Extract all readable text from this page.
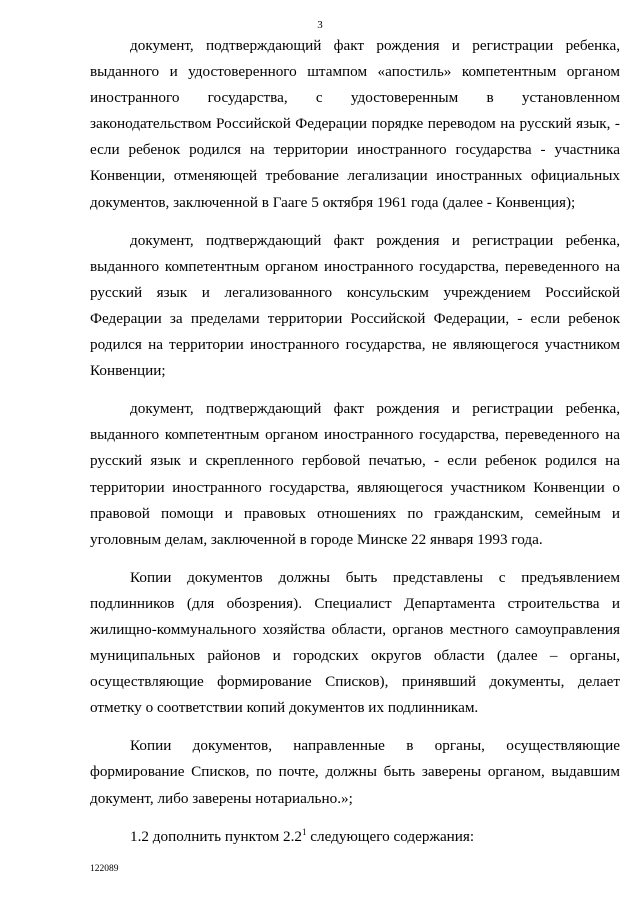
3

документ, подтверждающий факт рождения и регистрации ребенка, выданного и удостоверенного штампом «апостиль» компетентным органом иностранного государства, с удостоверенным в установленном законодательством Российской Федерации порядке переводом на русский язык, - если ребенок родился на территории иностранного государства - участника Конвенции, отменяющей требование легализации иностранных официальных документов, заключенной в Гааге 5 октября 1961 года (далее - Конвенция);

документ, подтверждающий факт рождения и регистрации ребенка, выданного компетентным органом иностранного государства, переведенного на русский язык и легализованного консульским учреждением Российской Федерации за пределами территории Российской Федерации, - если ребенок родился на территории иностранного государства, не являющегося участником Конвенции;

документ, подтверждающий факт рождения и регистрации ребенка, выданного компетентным органом иностранного государства, переведенного на русский язык и скрепленного гербовой печатью, - если ребенок родился на территории иностранного государства, являющегося участником Конвенции о правовой помощи и правовых отношениях по гражданским, семейным и уголовным делам, заключенной в городе Минске 22 января 1993 года.

Копии документов должны быть представлены с предъявлением подлинников (для обозрения). Специалист Департамента строительства и жилищно-коммунального хозяйства области, органов местного самоуправления муниципальных районов и городских округов области (далее – органы, осуществляющие формирование Списков), принявший документы, делает отметку о соответствии копий документов их подлинникам.

Копии документов, направленные в органы, осуществляющие формирование Списков, по почте, должны быть заверены органом, выдавшим документ, либо заверены нотариально.»;

1.2 дополнить пунктом $2.2^1$ следующего содержания:

122089
